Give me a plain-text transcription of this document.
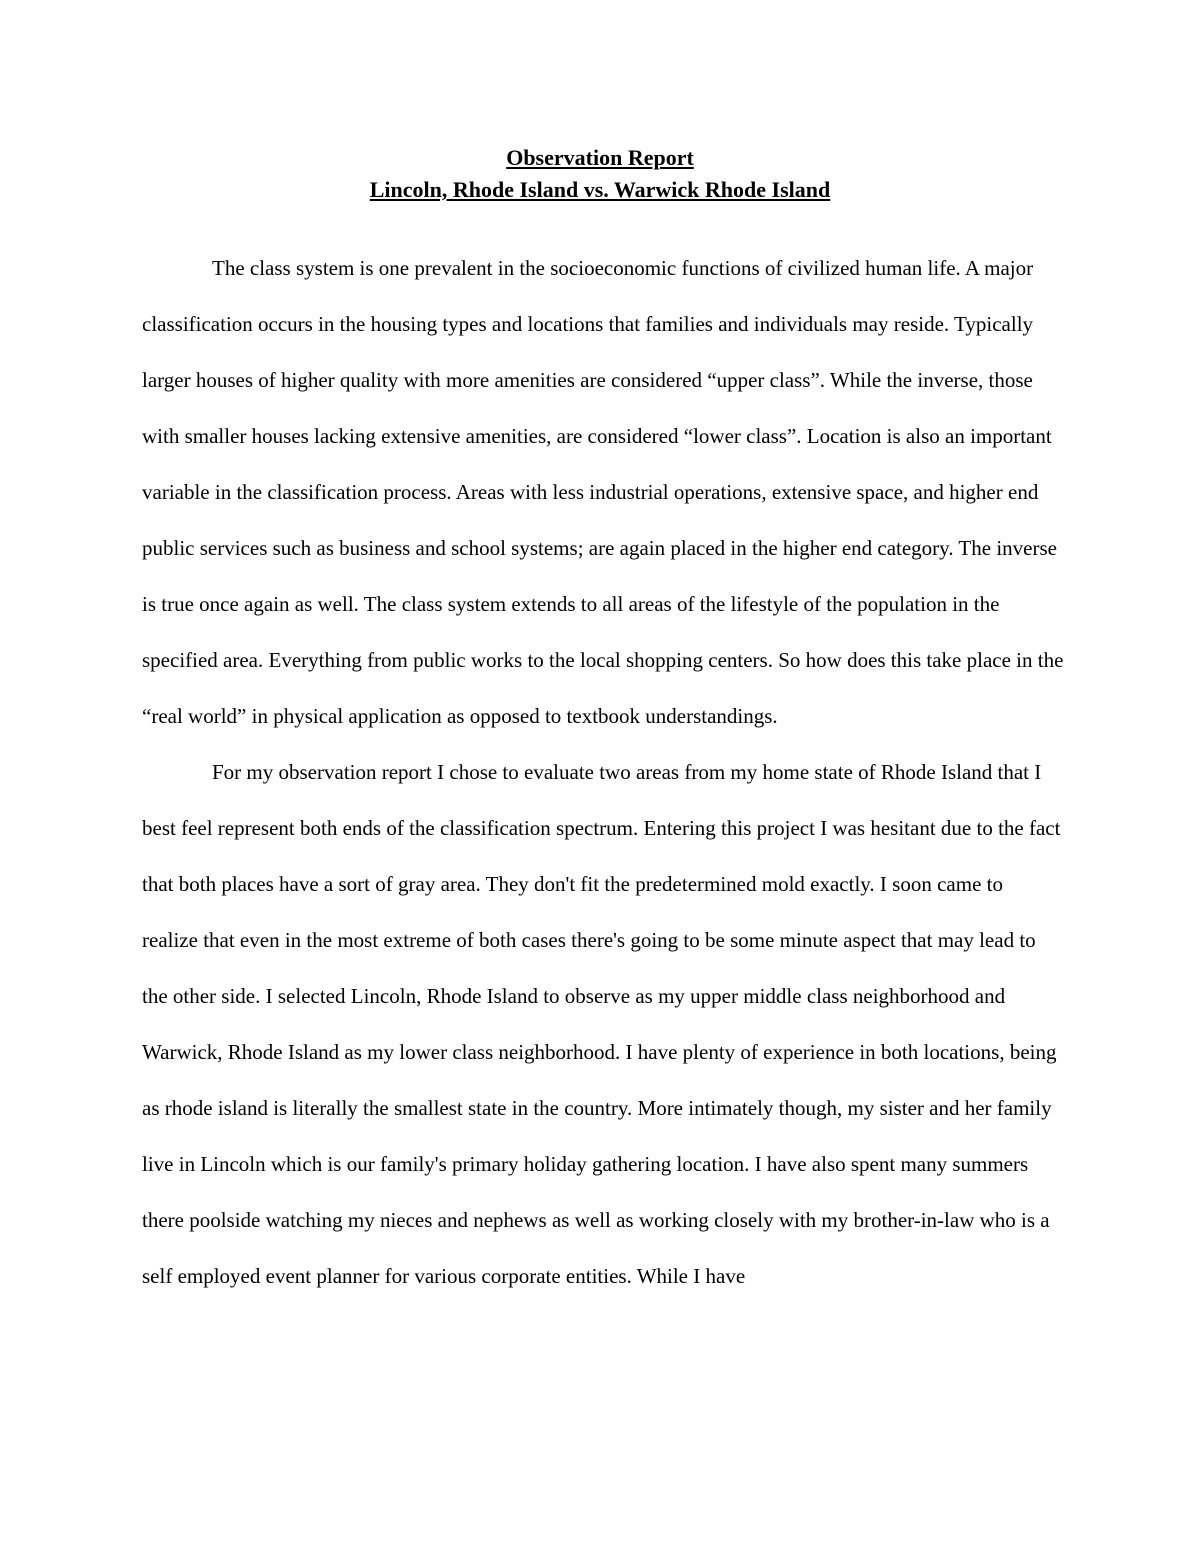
Observation Report

Lincoln, Rhode Island vs. Warwick Rhode Island

The class system is one prevalent in the socioeconomic functions of civilized human life. A major classification occurs in the housing types and locations that families and individuals may reside. Typically larger houses of higher quality with more amenities are considered “upper class”. While the inverse, those with smaller houses lacking extensive amenities, are considered “lower class”. Location is also an important variable in the classification process. Areas with less industrial operations, extensive space, and higher end public services such as business and school systems; are again placed in the higher end category. The inverse is true once again as well. The class system extends to all areas of the lifestyle of the population in the specified area. Everything from public works to the local shopping centers. So how does this take place in the “real world” in physical application as opposed to textbook understandings.

For my observation report I chose to evaluate two areas from my home state of Rhode Island that I best feel represent both ends of the classification spectrum. Entering this project I was hesitant due to the fact that both places have a sort of gray area. They don't fit the predetermined mold exactly. I soon came to realize that even in the most extreme of both cases there's going to be some minute aspect that may lead to the other side. I selected Lincoln, Rhode Island to observe as my upper middle class neighborhood and Warwick, Rhode Island as my lower class neighborhood. I have plenty of experience in both locations, being as rhode island is literally the smallest state in the country. More intimately though, my sister and her family live in Lincoln which is our family's primary holiday gathering location. I have also spent many summers there poolside watching my nieces and nephews as well as working closely with my brother-in-law who is a self employed event planner for various corporate entities. While I have
